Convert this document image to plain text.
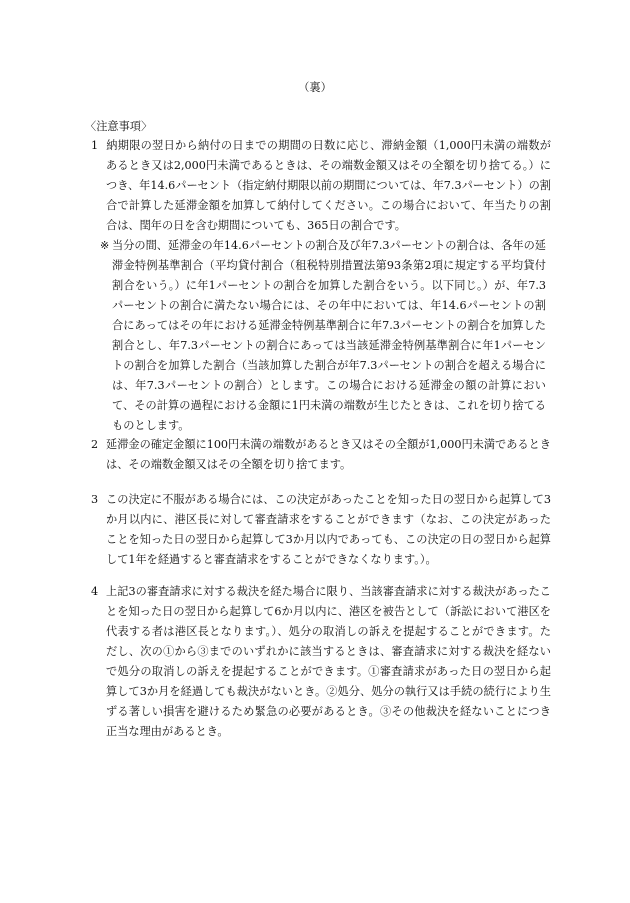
（裏）
〈注意事項〉

1 納期限の翌日から納付の日までの期間の日数に応じ、滞納金額（1,000円未満の端数があるとき又は2,000円未満であるときは、その端数金額又はその全額を切り捨てる。）につき、年14.6パーセント（指定納付期限以前の期間については、年7.3パーセント）の割合で計算した延滞金額を加算して納付してください。この場合において、年当たりの割合は、閏年の日を含む期間についても、365日の割合です。

※ 当分の間、延滞金の年14.6パーセントの割合及び年7.3パーセントの割合は、各年の延滞金特例基準割合（平均貸付割合（租税特別措置法第93条第2項に規定する平均貸付割合をいう。）に年1パーセントの割合を加算した割合をいう。以下同じ。）が、年7.3パーセントの割合に満たない場合には、その年中においては、年14.6パーセントの割合にあってはその年における延滞金特例基準割合に年7.3パーセントの割合を加算した割合とし、年7.3パーセントの割合にあっては当該延滞金特例基準割合に年1パーセントの割合を加算した割合（当該加算した割合が年7.3パーセントの割合を超える場合には、年7.3パーセントの割合）とします。この場合における延滞金の額の計算において、その計算の過程における金額に1円未満の端数が生じたときは、これを切り捨てるものとします。

2 延滞金の確定金額に100円未満の端数があるとき又はその全額が1,000円未満であるときは、その端数金額又はその全額を切り捨てます。

3 この決定に不服がある場合には、この決定があったことを知った日の翌日から起算して3か月以内に、港区長に対して審査請求をすることができます（なお、この決定があったことを知った日の翌日から起算して3か月以内であっても、この決定の日の翌日から起算して1年を経過すると審査請求をすることができなくなります。）。

4 上記3の審査請求に対する裁決を経た場合に限り、当該審査請求に対する裁決があったことを知った日の翌日から起算して6か月以内に、港区を被告として（訴訟において港区を代表する者は港区長となります。）、処分の取消しの訴えを提起することができます。ただし、次の①から③までのいずれかに該当するときは、審査請求に対する裁決を経ないで処分の取消しの訴えを提起することができます。①審査請求があった日の翌日から起算して3か月を経過しても裁決がないとき。②処分、処分の執行又は手続の続行により生ずる著しい損害を避けるため緊急の必要があるとき。③その他裁決を経ないことにつき正当な理由があるとき。
